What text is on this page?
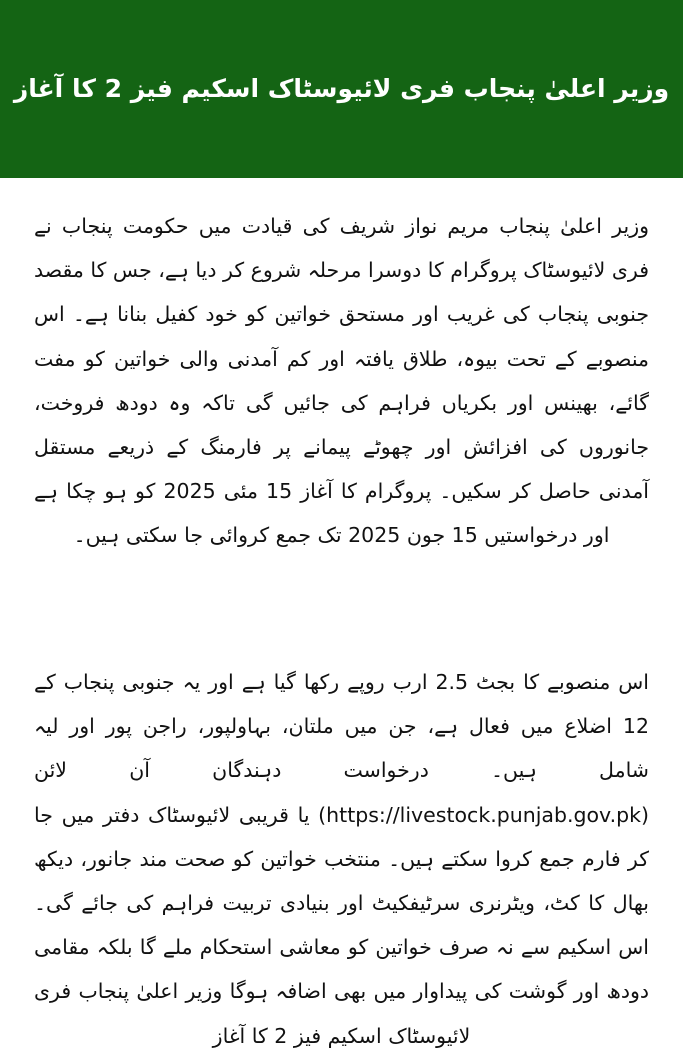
وزیر اعلیٰ پنجاب فری لائیوسٹاک اسکیم فیز 2 کا آغاز

وزیر اعلیٰ پنجاب مریم نواز شریف کی قیادت میں حکومت پنجاب نے فری لائیوسٹاک پروگرام کا دوسرا مرحلہ شروع کر دیا ہے، جس کا مقصد جنوبی پنجاب کی غریب اور مستحق خواتین کو خود کفیل بنانا ہے۔ اس منصوبے کے تحت بیوہ، طلاق یافتہ اور کم آمدنی والی خواتین کو مفت گائے، بھینس اور بکریاں فراہم کی جائیں گی تاکہ وہ دودھ فروخت، جانوروں کی افزائش اور چھوٹے پیمانے پر فارمنگ کے ذریعے مستقل آمدنی حاصل کر سکیں۔ پروگرام کا آغاز 15 مئی 2025 کو ہو چکا ہے اور درخواستیں 15 جون 2025 تک جمع کروائی جا سکتی ہیں۔

اس منصوبے کا بجٹ 2.5 ارب روپے رکھا گیا ہے اور یہ جنوبی پنجاب کے 12 اضلاع میں فعال ہے، جن میں ملتان، بہاولپور، راجن پور اور لیہ شامل ہیں۔ درخواست دہندگان آن لائن (https://livestock.punjab.gov.pk) یا قریبی لائیوسٹاک دفتر میں جا کر فارم جمع کروا سکتے ہیں۔ منتخب خواتین کو صحت مند جانور، دیکھ بھال کا کٹ، ویٹرنری سرٹیفکیٹ اور بنیادی تربیت فراہم کی جائے گی۔ اس اسکیم سے نہ صرف خواتین کو معاشی استحکام ملے گا بلکہ مقامی دودھ اور گوشت کی پیداوار میں بھی اضافہ ہوگا وزیر اعلیٰ پنجاب فری لائیوسٹاک اسکیم فیز 2 کا آغاز
